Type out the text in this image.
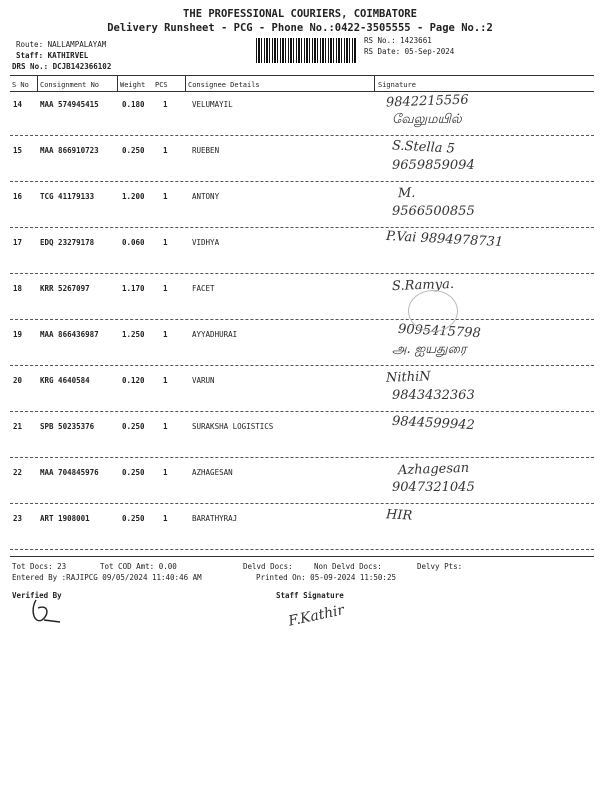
THE PROFESSIONAL COURIERS, COIMBATORE
Delivery Runsheet - PCG - Phone No.:0422-3505555 - Page No.:2
Route: NALLAMPALAYAM
Staff: KATHIRVEL
DRS No.: DCJB142366102
RS No.: 1423661
RS Date: 05-Sep-2024
S No Consignment No	Weight PCS	Consignee Details	Signature
14 MAA 574945415	0.180 1	VELUMAYIL	9842215556
வேலுமயில்
15 MAA 866910723	0.250 1	RUEBEN	S.Stella 5
9659859094
16 TCG 41179133	1.200 1	ANTONY	M.
9566500855
17 EDQ 23279178	0.060 1	VIDHYA	P.Vai 9894978731
18 KRR 5267097	1.170 1	FACET	S.Ramya.
19 MAA 866436987	1.250 1	AYYADHURAI	9095415798
அ. ஐயதுரை
20 KRG 4640584	0.120 1	VARUN	NithiN
9843432363
21 SPB 50235376	0.250 1	SURAKSHA LOGISTICS	9844599942
22 MAA 704845976	0.250 1	AZHAGESAN	Azhagesan
9047321045
23 ART 1908001	0.250 1	BARATHYRAJ	HIR
Tot Docs: 23	Tot COD Amt: 0.00	Delvd Docs:	Non Delvd Docs:	Delvy Pts:
Entered By :RAJIPCG 09/05/2024 11:40:46 AM	Printed On: 05-09-2024 11:50:25
Verified By	Staff Signature
F.Kathir
